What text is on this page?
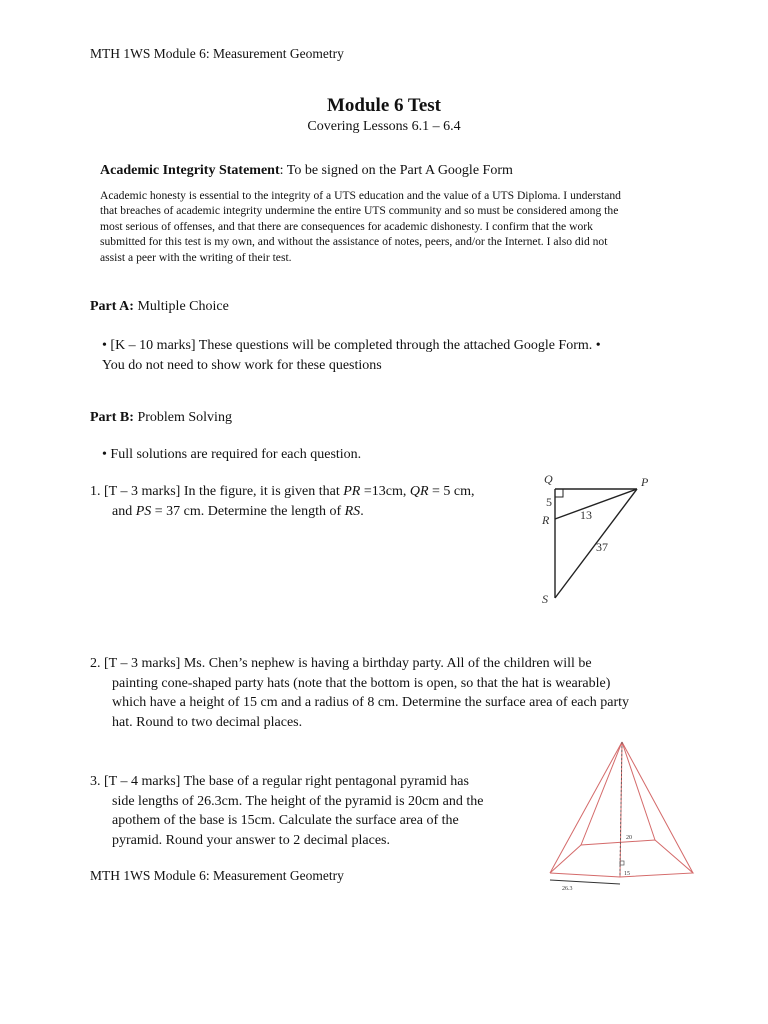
MTH 1WS Module 6: Measurement Geometry
Module 6 Test
Covering Lessons 6.1 – 6.4
Academic Integrity Statement: To be signed on the Part A Google Form
Academic honesty is essential to the integrity of a UTS education and the value of a UTS Diploma. I understand
that breaches of academic integrity undermine the entire UTS community and so must be considered among the
most serious of offenses, and that there are consequences for academic dishonesty. I confirm that the work
submitted for this test is my own, and without the assistance of notes, peers, and/or the Internet. I also did not
assist a peer with the writing of their test.
Part A: Multiple Choice
• [K – 10 marks] These questions will be completed through the attached Google Form. •
You do not need to show work for these questions
Part B: Problem Solving
• Full solutions are required for each question.
1. [T – 3 marks] In the figure, it is given that PR =13cm, QR = 5 cm,
and PS = 37 cm. Determine the length of RS.
Q	P
R
S
5
13
37
2. [T – 3 marks] Ms. Chen’s nephew is having a birthday party. All of the children will be
painting cone-shaped party hats (note that the bottom is open, so that the hat is wearable)
which have a height of 15 cm and a radius of 8 cm. Determine the surface area of each party
hat. Round to two decimal places.
3. [T – 4 marks] The base of a regular right pentagonal pyramid has
side lengths of 26.3cm. The height of the pyramid is 20cm and the
apothem of the base is 15cm. Calculate the surface area of the
pyramid. Round your answer to 2 decimal places.	20
15
26.3
MTH 1WS Module 6: Measurement Geometry
